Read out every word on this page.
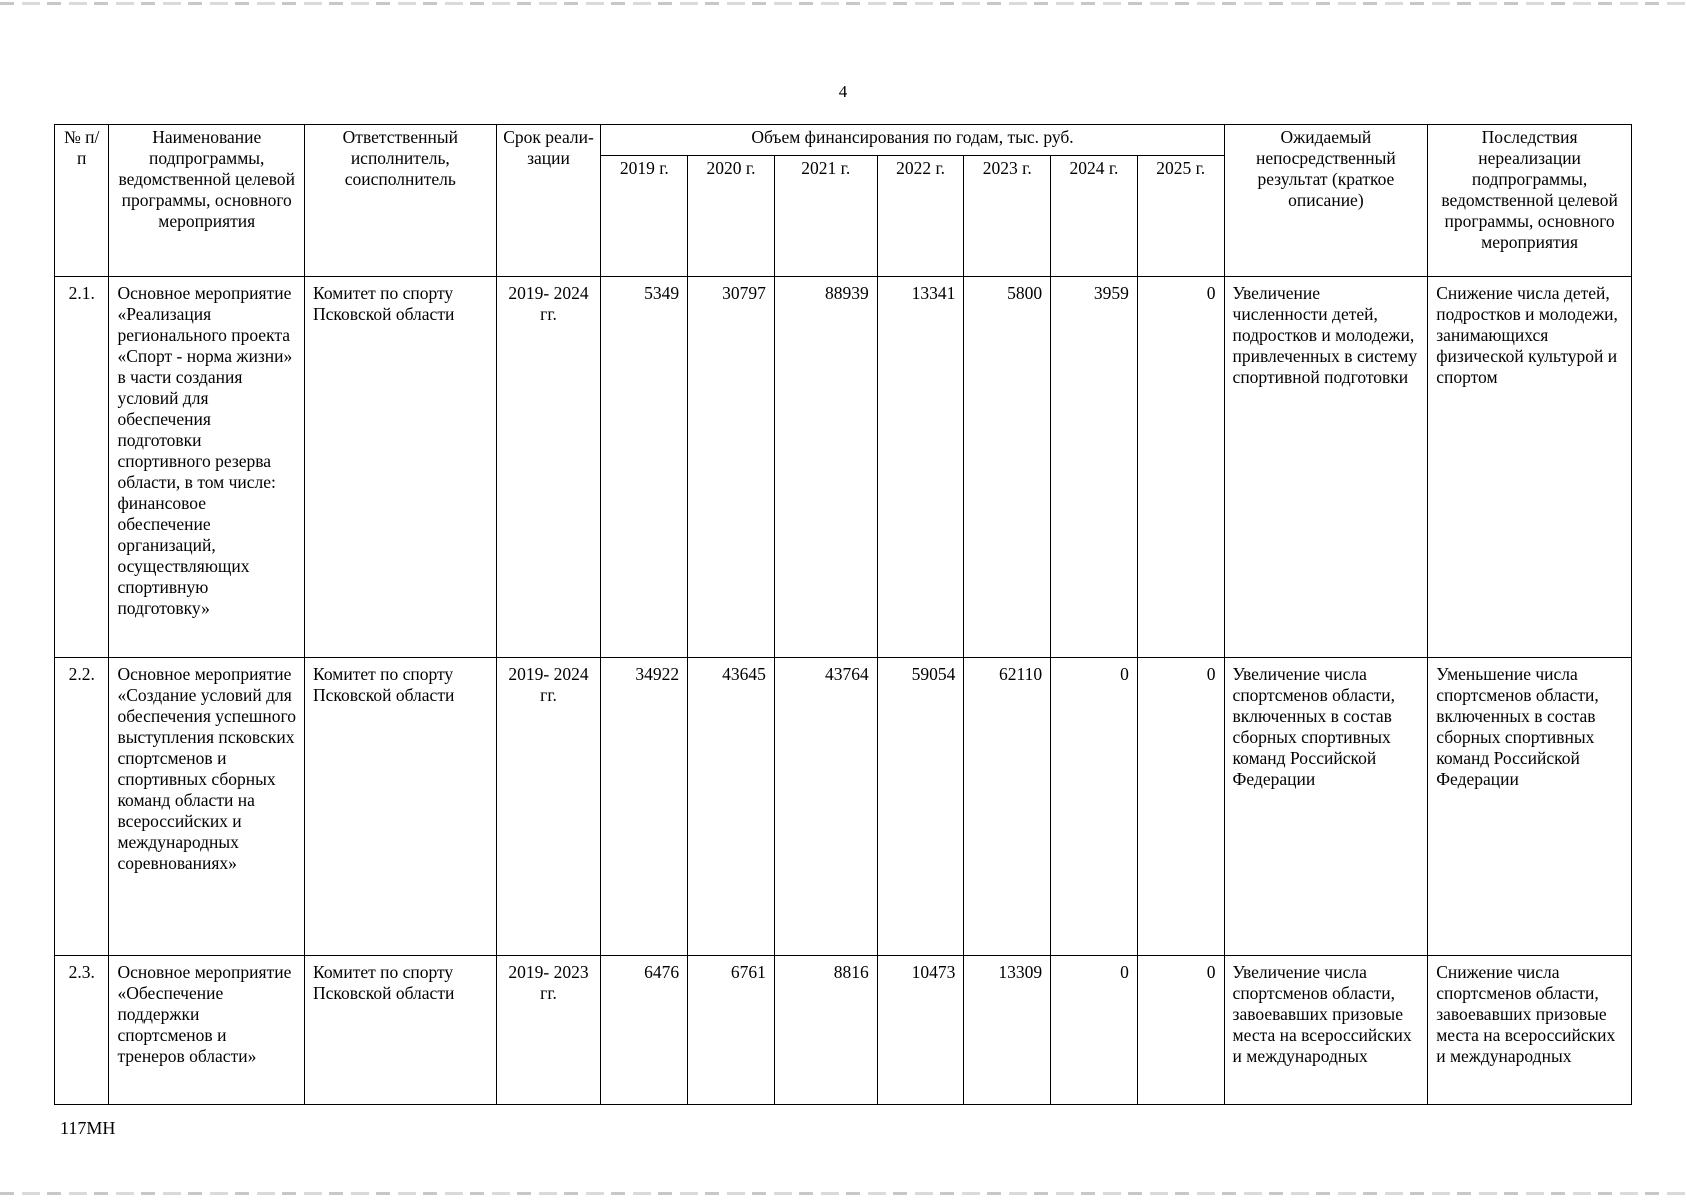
4
№ п/п	Наименование подпрограммы, ведомственной целевой программы, основного мероприятия	Ответственный исполнитель, соисполнитель	Срок реали- зации	Объем финансирования по годам, тыс. руб.							Ожидаемый непосредственный результат (краткое описание)	Последствия нереализации подпрограммы, ведомственной целевой программы, основного мероприятия
				2019 г.	2020 г.	2021 г.	2022 г.	2023 г.	2024 г.	2025 г.		
2.1.	Основное мероприятие «Реализация регионального проекта «Спорт - норма жизни» в части создания условий для обеспечения подготовки спортивного резерва области, в том числе: финансовое обеспечение организаций, осуществляющих спортивную подготовку»	Комитет по спорту Псковской области	2019- 2024 гг.	5349	30797	88939	13341	5800	3959	0	Увеличение численности детей, подростков и молодежи, привлеченных в систему спортивной подготовки	Снижение числа детей, подростков и молодежи, занимающихся физической культурой и спортом
2.2.	Основное мероприятие «Создание условий для обеспечения успешного выступления псковских спортсменов и спортивных сборных команд области на всероссийских и международных соревнованиях»	Комитет по спорту Псковской области	2019- 2024 гг.	34922	43645	43764	59054	62110	0	0	Увеличение числа спортсменов области, включенных в состав сборных спортивных команд Российской Федерации	Уменьшение числа спортсменов области, включенных в состав сборных спортивных команд Российской Федерации
2.3.	Основное мероприятие «Обеспечение поддержки спортсменов и тренеров области»	Комитет по спорту Псковской области	2019- 2023 гг.	6476	6761	8816	10473	13309	0	0	Увеличение числа спортсменов области, завоевавших призовые места на всероссийских и международных	Снижение числа спортсменов области, завоевавших призовые места на всероссийских и международных
117МН
